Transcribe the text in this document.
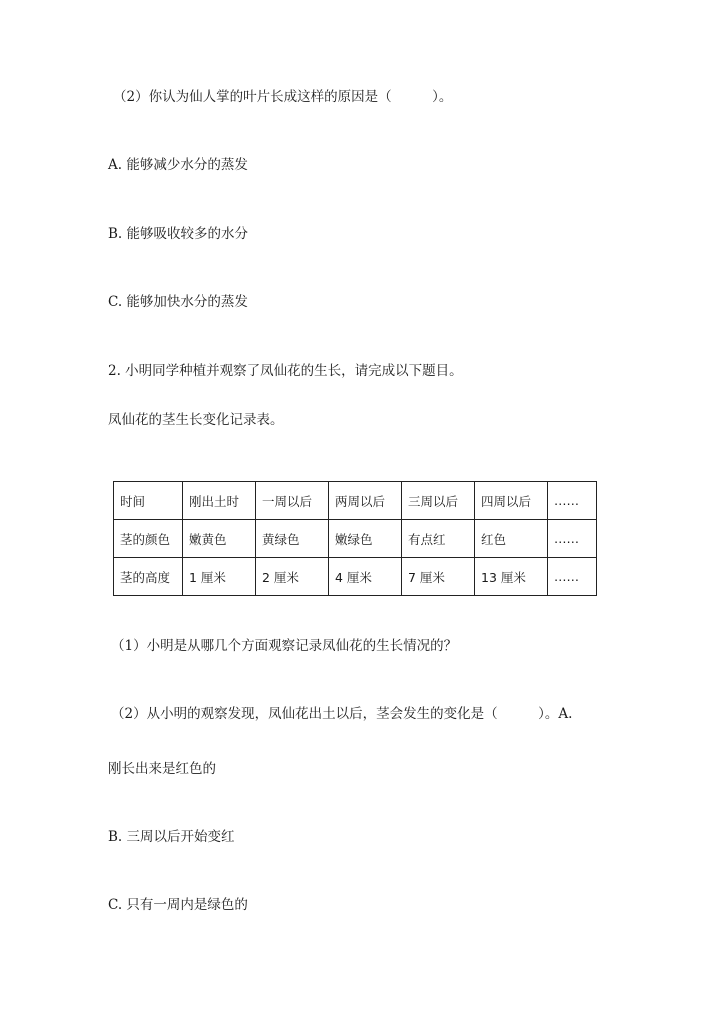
（2）你认为仙人掌的叶片长成这样的原因是（　　　）。
A. 能够减少水分的蒸发
B. 能够吸收较多的水分
C. 能够加快水分的蒸发
2. 小明同学种植并观察了凤仙花的生长，请完成以下题目。
凤仙花的茎生长变化记录表。
时间	刚出土时	一周以后	两周以后	三周以后	四周以后	……
茎的颜色	嫩黄色	黄绿色	嫩绿色	有点红	红色	……
茎的高度	1 厘米	2 厘米	4 厘米	7 厘米	13 厘米	……
（1）小明是从哪几个方面观察记录凤仙花的生长情况的？
（2）从小明的观察发现，凤仙花出土以后，茎会发生的变化是（　　　）。A.
刚长出来是红色的
B. 三周以后开始变红
C. 只有一周内是绿色的
